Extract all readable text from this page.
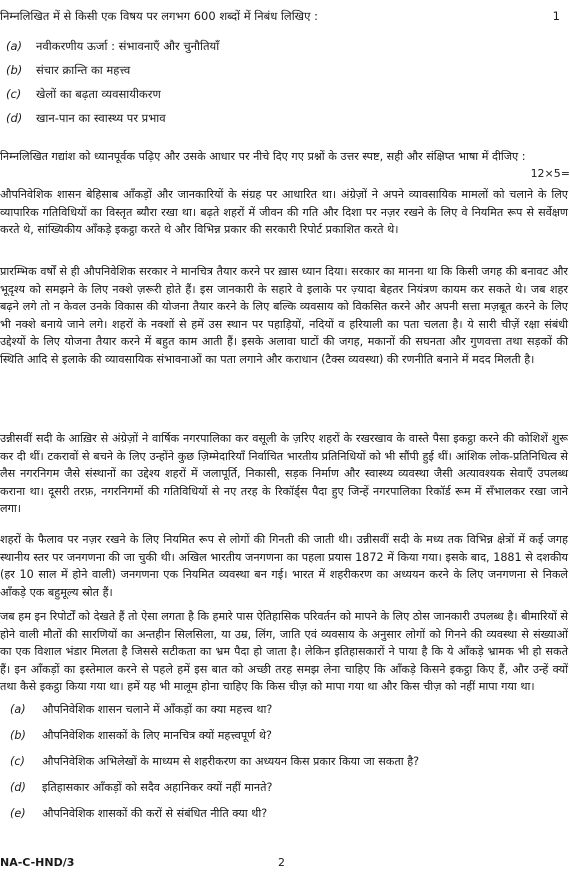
निम्नलिखित में से किसी एक विषय पर लगभग 600 शब्दों में निबंध लिखिए :	1
(a) नवीकरणीय ऊर्जा : संभावनाएँ और चुनौतियाँ
(b) संचार क्रान्ति का महत्त्व
(c) खेलों का बढ़ता व्यवसायीकरण
(d) खान-पान का स्वास्थ्य पर प्रभाव
निम्नलिखित गद्यांश को ध्यानपूर्वक पढ़िए और उसके आधार पर नीचे दिए गए प्रश्नों के उत्तर स्पष्ट, सही और संक्षिप्त भाषा में दीजिए :
12×5=
औपनिवेशिक शासन बेहिसाब आँकड़ों और जानकारियों के संग्रह पर आधारित था। अंग्रेज़ों ने अपने व्यावसायिक मामलों को चलाने के लिए व्यापारिक गतिविधियों का विस्तृत ब्यौरा रखा था। बढ़ते शहरों में जीवन की गति और दिशा पर नज़र रखने के लिए वे नियमित रूप से सर्वेक्षण करते थे, सांख्यिकीय आँकड़े इकट्ठा करते थे और विभिन्न प्रकार की सरकारी रिपोर्ट प्रकाशित करते थे।
प्रारम्भिक वर्षों से ही औपनिवेशिक सरकार ने मानचित्र तैयार करने पर ख़ास ध्यान दिया। सरकार का मानना था कि किसी जगह की बनावट और भूदृश्य को समझने के लिए नक्शे ज़रूरी होते हैं। इस जानकारी के सहारे वे इलाके पर ज़्यादा बेहतर नियंत्रण कायम कर सकते थे। जब शहर बढ़ने लगे तो न केवल उनके विकास की योजना तैयार करने के लिए बल्कि व्यवसाय को विकसित करने और अपनी सत्ता मज़बूत करने के लिए भी नक्शे बनाये जाने लगे। शहरों के नक्शों से हमें उस स्थान पर पहाड़ियों, नदियों व हरियाली का पता चलता है। ये सारी चीज़ें रक्षा संबंधी उद्देश्यों के लिए योजना तैयार करने में बहुत काम आती हैं। इसके अलावा घाटों की जगह, मकानों की सघनता और गुणवत्ता तथा सड़कों की स्थिति आदि से इलाके की व्यावसायिक संभावनाओं का पता लगाने और कराधान (टैक्स व्यवस्था) की रणनीति बनाने में मदद मिलती है।
उन्नीसवीं सदी के आख़िर से अंग्रेज़ों ने वार्षिक नगरपालिका कर वसूली के ज़रिए शहरों के रखरखाव के वास्ते पैसा इकट्ठा करने की कोशिशें शुरू कर दी थीं। टकरावों से बचने के लिए उन्होंने कुछ ज़िम्मेदारियाँ निर्वाचित भारतीय प्रतिनिधियों को भी सौंपी हुई थीं। आंशिक लोक-प्रतिनिधित्व से लैस नगरनिगम जैसे संस्थानों का उद्देश्य शहरों में जलापूर्ति, निकासी, सड़क निर्माण और स्वास्थ्य व्यवस्था जैसी अत्यावश्यक सेवाएँ उपलब्ध कराना था। दूसरी तरफ़, नगरनिगमों की गतिविधियों से नए तरह के रिकॉर्ड्स पैदा हुए जिन्हें नगरपालिका रिकॉर्ड रूम में सँभालकर रखा जाने लगा।
शहरों के फैलाव पर नज़र रखने के लिए नियमित रूप से लोगों की गिनती की जाती थी। उन्नीसवीं सदी के मध्य तक विभिन्न क्षेत्रों में कई जगह स्थानीय स्तर पर जनगणना की जा चुकी थी। अखिल भारतीय जनगणना का पहला प्रयास 1872 में किया गया। इसके बाद, 1881 से दशकीय (हर 10 साल में होने वाली) जनगणना एक नियमित व्यवस्था बन गई। भारत में शहरीकरण का अध्ययन करने के लिए जनगणना से निकले आँकड़े एक बहुमूल्य स्रोत हैं।
जब हम इन रिपोर्टों को देखते हैं तो ऐसा लगता है कि हमारे पास ऐतिहासिक परिवर्तन को मापने के लिए ठोस जानकारी उपलब्ध है। बीमारियों से होने वाली मौतों की सारणियों का अन्तहीन सिलसिला, या उम्र, लिंग, जाति एवं व्यवसाय के अनुसार लोगों को गिनने की व्यवस्था से संख्याओं का एक विशाल भंडार मिलता है जिससे सटीकता का भ्रम पैदा हो जाता है। लेकिन इतिहासकारों ने पाया है कि ये आँकड़े भ्रामक भी हो सकते हैं। इन आँकड़ों का इस्तेमाल करने से पहले हमें इस बात को अच्छी तरह समझ लेना चाहिए कि आँकड़े किसने इकट्ठा किए हैं, और उन्हें क्यों तथा कैसे इकट्ठा किया गया था। हमें यह भी मालूम होना चाहिए कि किस चीज़ को मापा गया था और किस चीज़ को नहीं मापा गया था।
(a) औपनिवेशिक शासन चलाने में आँकड़ों का क्या महत्त्व था?
(b) औपनिवेशिक शासकों के लिए मानचित्र क्यों महत्त्वपूर्ण थे?
(c) औपनिवेशिक अभिलेखों के माध्यम से शहरीकरण का अध्ययन किस प्रकार किया जा सकता है?
(d) इतिहासकार आँकड़ों को सदैव अहानिकर क्यों नहीं मानते?
(e) औपनिवेशिक शासकों की करों से संबंधित नीति क्या थी?
NA-C-HND/3	2
